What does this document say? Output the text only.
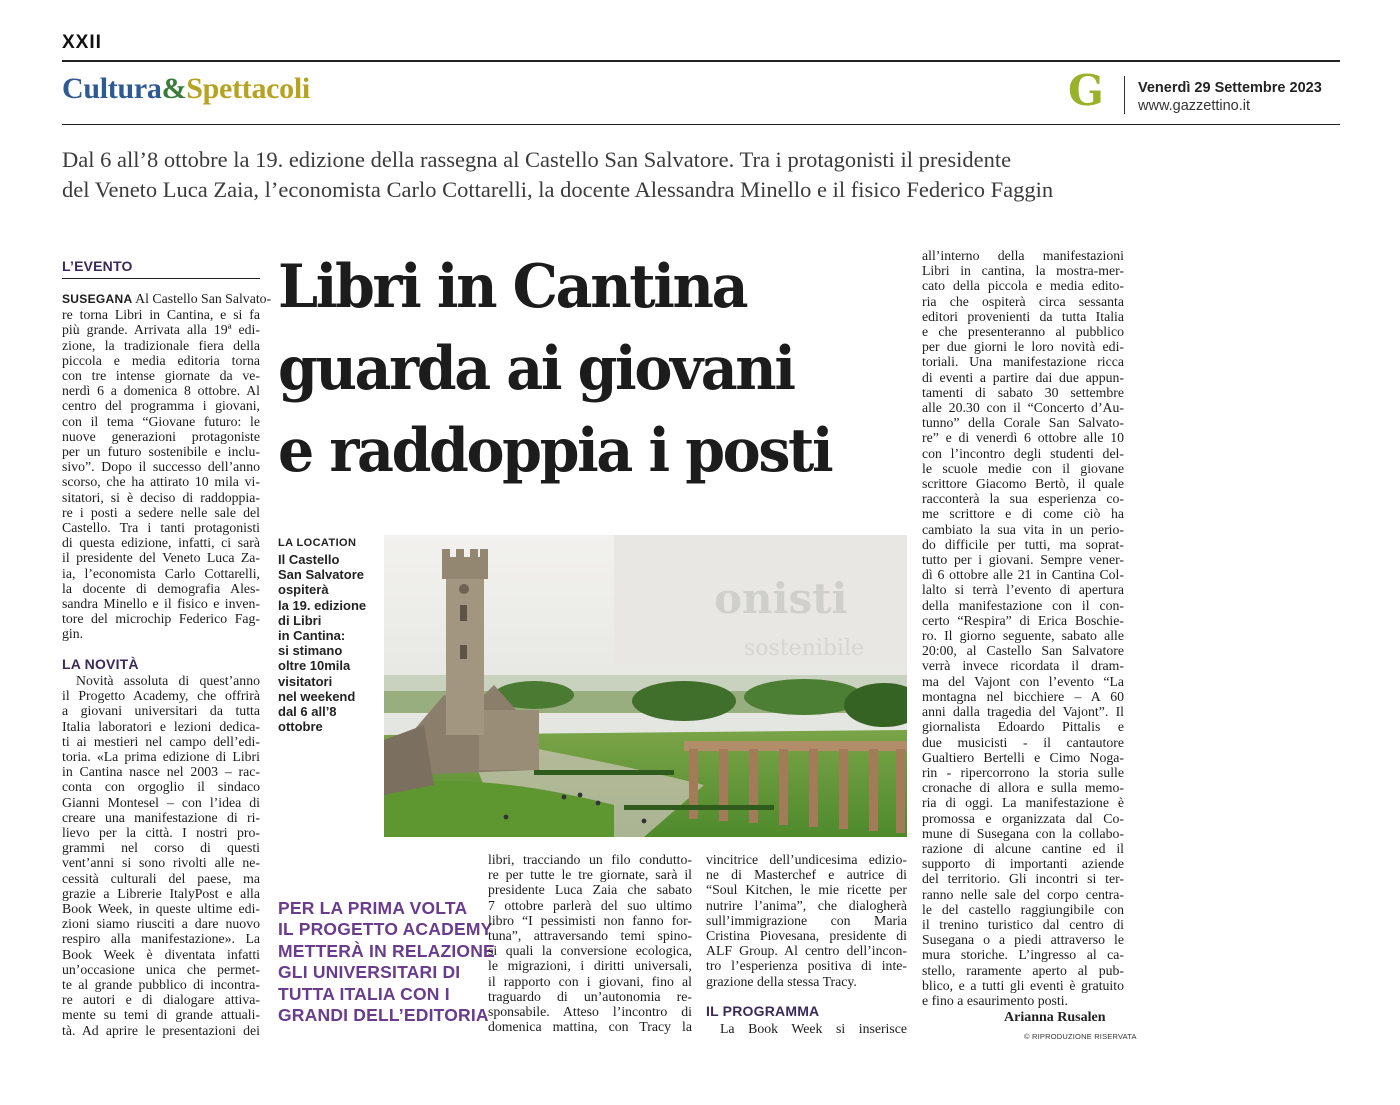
XXII
Cultura&Spettacoli	G Venerdì 29 Settembre 2023
www.gazzettino.it
Dal 6 all’8 ottobre la 19. edizione della rassegna al Castello San Salvatore. Tra i protagonisti il presidente
del Veneto Luca Zaia, l’economista Carlo Cottarelli, la docente Alessandra Minello e il fisico Federico Faggin
L’EVENTO
SUSEGANA Al Castello San Salvato-
re torna Libri in Cantina, e si fa
più grande. Arrivata alla 19ª edi-
zione, la tradizionale fiera della
piccola e media editoria torna
con tre intense giornate da ve-
nerdì 6 a domenica 8 ottobre. Al
centro del programma i giovani,
con il tema “Giovane futuro: le
nuove generazioni protagoniste
per un futuro sostenibile e inclu-
sivo”. Dopo il successo dell’anno
scorso, che ha attirato 10 mila vi-
sitatori, si è deciso di raddoppia-
re i posti a sedere nelle sale del
Castello. Tra i tanti protagonisti
di questa edizione, infatti, ci sarà
il presidente del Veneto Luca Za-
ia, l’economista Carlo Cottarelli,
la docente di demografia Ales-
sandra Minello e il fisico e inven-
tore del microchip Federico Fag-
gin.
LA NOVITÀ
Novità assoluta di quest’anno
il Progetto Academy, che offrirà
a giovani universitari da tutta
Italia laboratori e lezioni dedica-
ti ai mestieri nel campo dell’edi-
toria. «La prima edizione di Libri
in Cantina nasce nel 2003 – rac-
conta con orgoglio il sindaco
Gianni Montesel – con l’idea di
creare una manifestazione di ri-
lievo per la città. I nostri pro-
grammi nel corso di questi
vent’anni si sono rivolti alle ne-
cessità culturali del paese, ma
grazie a Librerie ItalyPost e alla
Book Week, in queste ultime edi-
zioni siamo riusciti a dare nuovo
respiro alla manifestazione». La
Book Week è diventata infatti
un’occasione unica che permet-
te al grande pubblico di incontra-
re autori e di dialogare attiva-
mente su temi di grande attuali-
tà. Ad aprire le presentazioni dei
Libri in Cantina
guarda ai giovani
e raddoppia i posti
LA LOCATION
Il Castello
San Salvatore
ospiterà
la 19. edizione
di Libri
in Cantina:
si stimano
oltre 10mila
visitatori
nel weekend
dal 6 all’8
ottobre
onisti
sostenibile
PER LA PRIMA VOLTA
IL PROGETTO ACADEMY
METTERÀ IN RELAZIONE
GLI UNIVERSITARI DI
TUTTA ITALIA CON I
GRANDI DELL’EDITORIA
libri, tracciando un filo condutto-
re per tutte le tre giornate, sarà il
presidente Luca Zaia che sabato
7 ottobre parlerà del suo ultimo
libro “I pessimisti non fanno for-
tuna”, attraversando temi spino-
si quali la conversione ecologica,
le migrazioni, i diritti universali,
il rapporto con i giovani, fino al
traguardo di un’autonomia re-
sponsabile. Atteso l’incontro di
domenica mattina, con Tracy la
vincitrice dell’undicesima edizio-
ne di Masterchef e autrice di
“Soul Kitchen, le mie ricette per
nutrire l’anima”, che dialogherà
sull’immigrazione con Maria
Cristina Piovesana, presidente di
ALF Group. Al centro dell’incon-
tro l’esperienza positiva di inte-
grazione della stessa Tracy.
IL PROGRAMMA
La Book Week si inserisce
all’interno della manifestazioni
Libri in cantina, la mostra-mer-
cato della piccola e media edito-
ria che ospiterà circa sessanta
editori provenienti da tutta Italia
e che presenteranno al pubblico
per due giorni le loro novità edi-
toriali. Una manifestazione ricca
di eventi a partire dai due appun-
tamenti di sabato 30 settembre
alle 20.30 con il “Concerto d’Au-
tunno” della Corale San Salvato-
re” e di venerdì 6 ottobre alle 10
con l’incontro degli studenti del-
le scuole medie con il giovane
scrittore Giacomo Bertò, il quale
racconterà la sua esperienza co-
me scrittore e di come ciò ha
cambiato la sua vita in un perio-
do difficile per tutti, ma soprat-
tutto per i giovani. Sempre vener-
dì 6 ottobre alle 21 in Cantina Col-
lalto si terrà l’evento di apertura
della manifestazione con il con-
certo “Respira” di Erica Boschie-
ro. Il giorno seguente, sabato alle
20:00, al Castello San Salvatore
verrà invece ricordata il dram-
ma del Vajont con l’evento “La
montagna nel bicchiere – A 60
anni dalla tragedia del Vajont”. Il
giornalista Edoardo Pittalis e
due musicisti - il cantautore
Gualtiero Bertelli e Cimo Noga-
rin - ripercorrono la storia sulle
cronache di allora e sulla memo-
ria di oggi. La manifestazione è
promossa e organizzata dal Co-
mune di Susegana con la collabo-
razione di alcune cantine ed il
supporto di importanti aziende
del territorio. Gli incontri si ter-
ranno nelle sale del corpo centra-
le del castello raggiungibile con
il trenino turistico dal centro di
Susegana o a piedi attraverso le
mura storiche. L’ingresso al ca-
stello, raramente aperto al pub-
blico, e a tutti gli eventi è gratuito
e fino a esaurimento posti.
Arianna Rusalen
© RIPRODUZIONE RISERVATA
